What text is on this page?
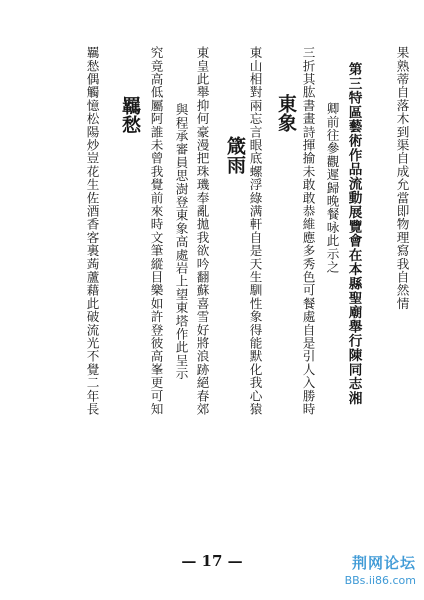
果熟蒂自落木到渠自成允當即物理寫我自然情

第三特區藝術作品流動展覽會在本縣聖廟舉行陳同志湘

卿前往參觀遲歸晚餐咏此示之

三折其肱書畫詩揮揄未敢敢恭維應多秀色可餐處自是引人入勝時

東象

東山相對兩忘言眼底螺浮綠满軒自是天生馴性象得能默化我心猿

箴雨

東皇此舉抑何豪漫把珠璣奉亂拋我欲吟翻蘇喜雪好將浪跡絕春郊

與程承審員思澍登東象高處岩上望東塔作此呈示

究竟高低屬阿誰未曾我覺前來時文筆縱目樂如許登彼高峯更可知

羈愁

羈愁偶觸憶松陽炒豈花生佐酒香客裏蒟蘆藉此破流光不覺二年長

— 17 —	荆网论坛
BBs.ii86.com
